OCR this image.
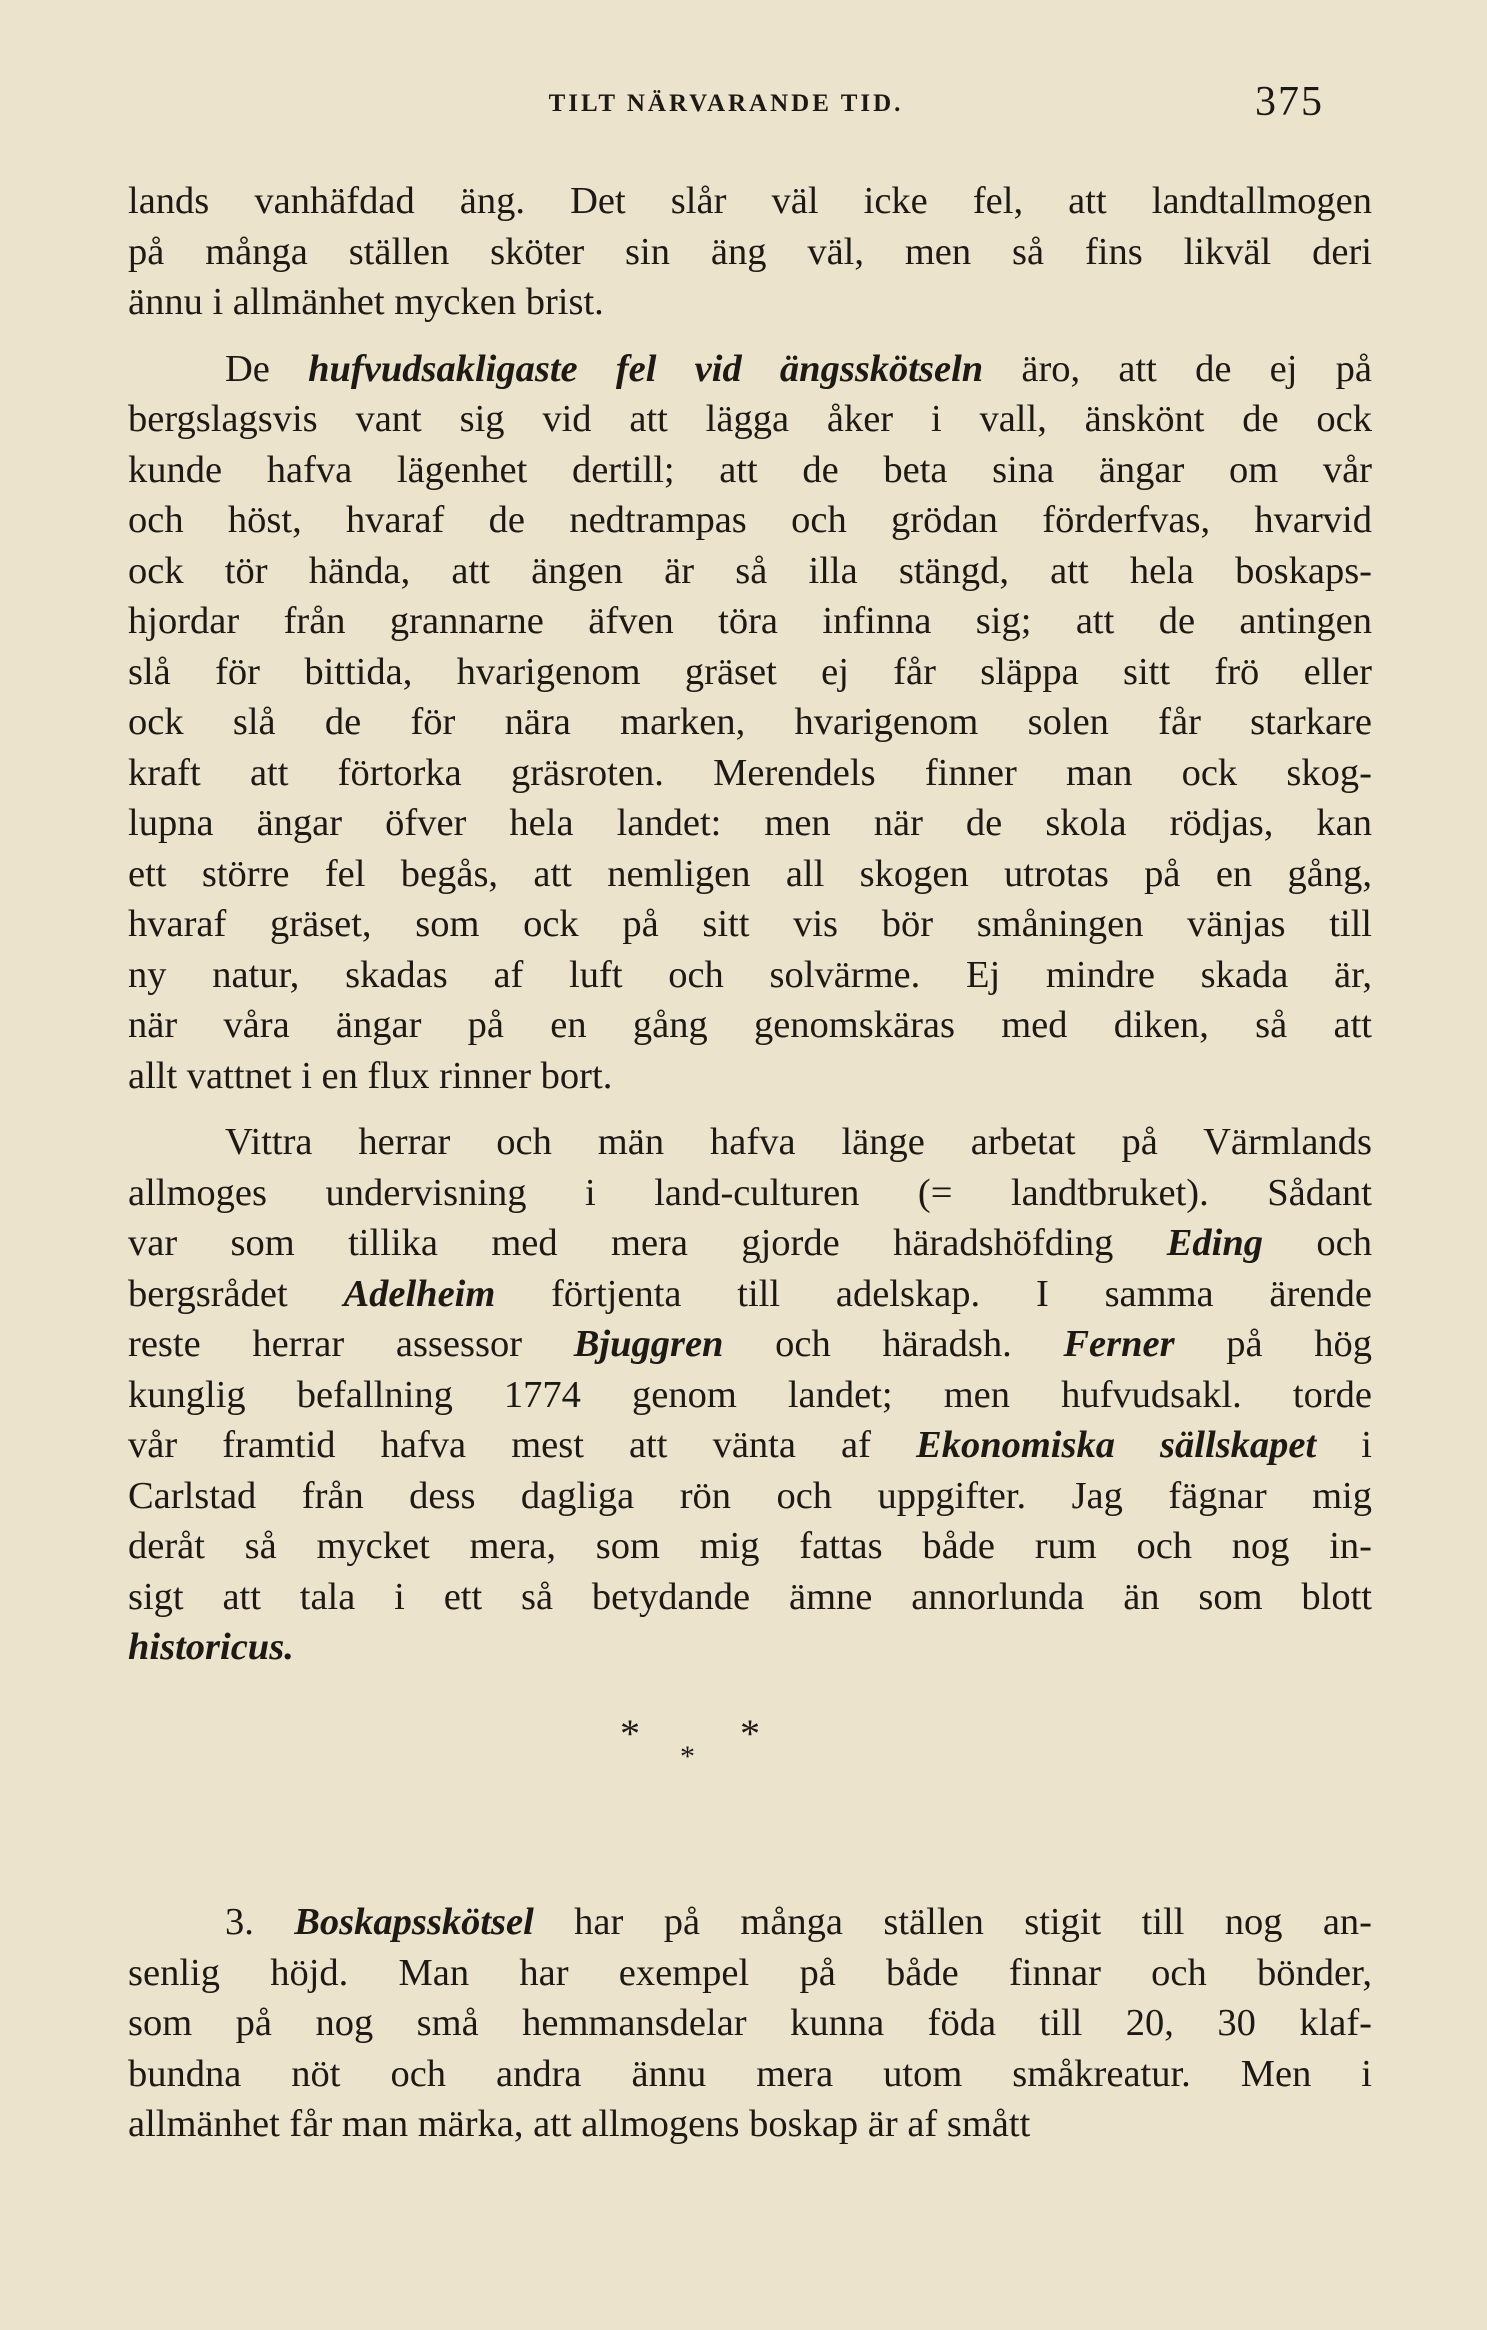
TILT NÄRVARANDE TID.	375
lands vanhäfdad äng. Det slår väl icke fel, att landtallmogen
på många ställen sköter sin äng väl, men så fins likväl deri
ännu i allmänhet mycken brist.
De hufvudsakligaste fel vid ängsskötseln äro, att de ej på
bergslagsvis vant sig vid att lägga åker i vall, änskönt de ock
kunde hafva lägenhet dertill; att de beta sina ängar om vår
och höst, hvaraf de nedtrampas och grödan förderfvas, hvarvid
ock tör hända, att ängen är så illa stängd, att hela boskaps-
hjordar från grannarne äfven töra infinna sig; att de antingen
slå för bittida, hvarigenom gräset ej får släppa sitt frö eller
ock slå de för nära marken, hvarigenom solen får starkare
kraft att förtorka gräsroten. Merendels finner man ock skog-
lupna ängar öfver hela landet: men när de skola rödjas, kan
ett större fel begås, att nemligen all skogen utrotas på en gång,
hvaraf gräset, som ock på sitt vis bör småningen vänjas till
ny natur, skadas af luft och solvärme. Ej mindre skada är,
när våra ängar på en gång genomskäras med diken, så att
allt vattnet i en flux rinner bort.
Vittra herrar och män hafva länge arbetat på Värmlands
allmoges undervisning i land-culturen (= landtbruket). Sådant
var som tillika med mera gjorde häradshöfding Eding och
bergsrådet Adelheim förtjenta till adelskap. I samma ärende
reste herrar assessor Bjuggren och häradsh. Ferner på hög
kunglig befallning 1774 genom landet; men hufvudsakl. torde
vår framtid hafva mest att vänta af Ekonomiska sällskapet i
Carlstad från dess dagliga rön och uppgifter. Jag fägnar mig
deråt så mycket mera, som mig fattas både rum och nog in-
sigt att tala i ett så betydande ämne annorlunda än som blott
historicus.
*	*
*
3. Boskapsskötsel har på många ställen stigit till nog an-
senlig höjd. Man har exempel på både finnar och bönder,
som på nog små hemmansdelar kunna föda till 20, 30 klaf-
bundna nöt och andra ännu mera utom småkreatur. Men i
allmänhet får man märka, att allmogens boskap är af smått
